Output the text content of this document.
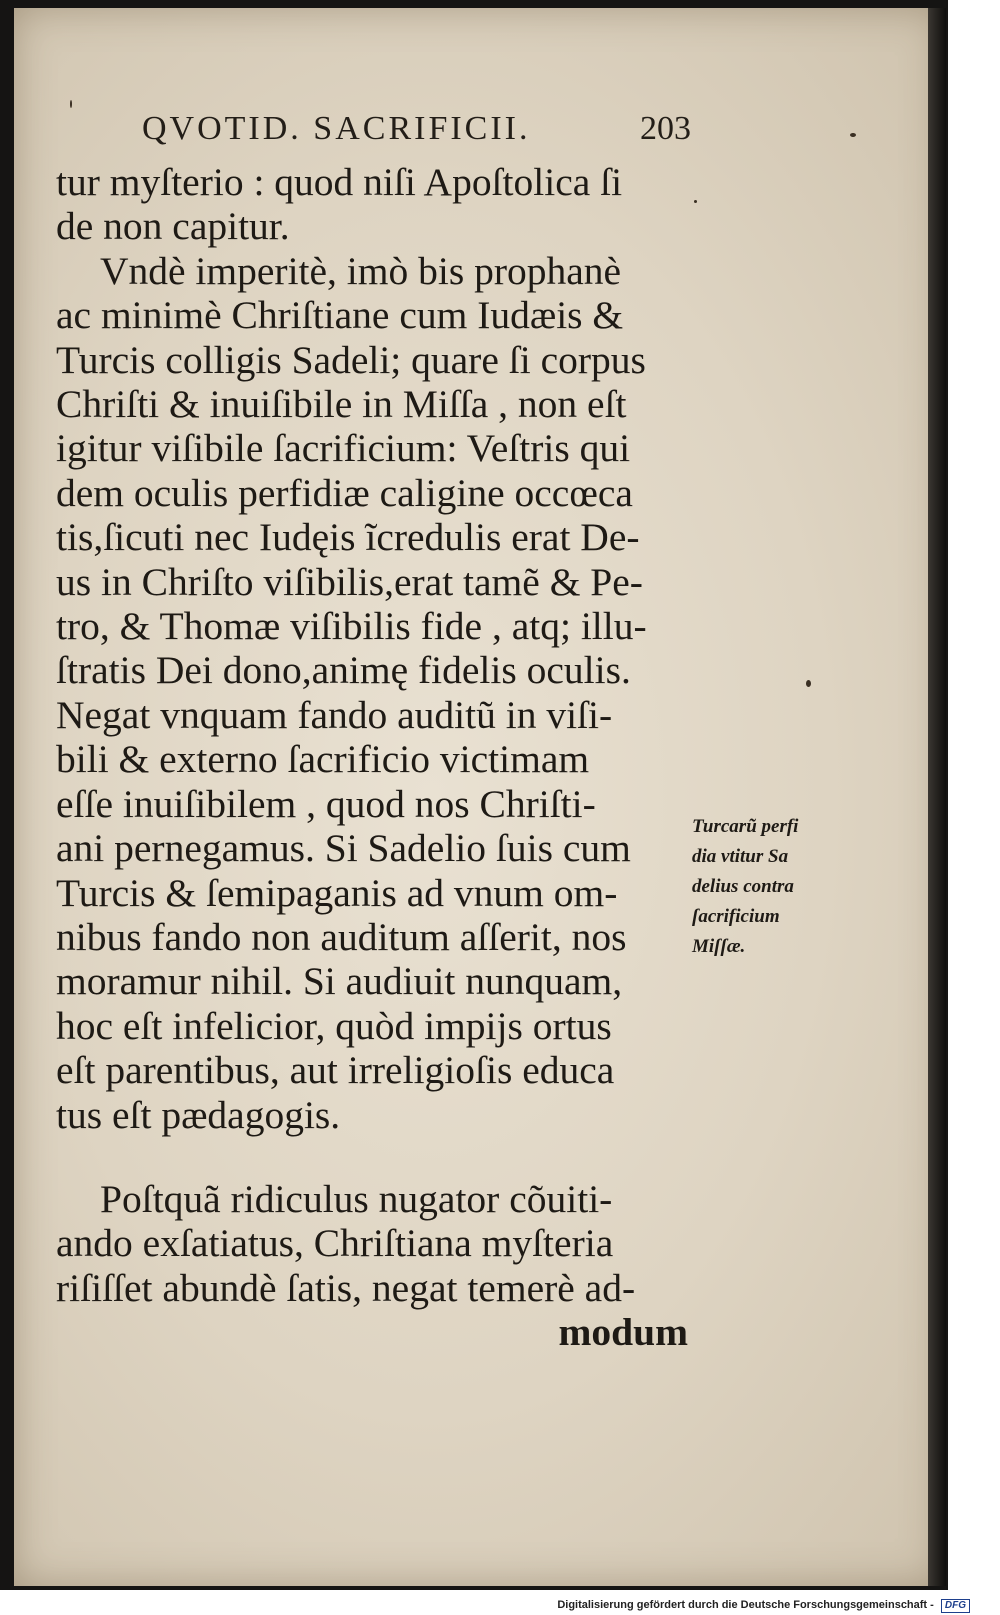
QVOTID. SACRIFICII.	203
tur myſterio : quod niſi Apoſtolica ſi
de non capitur.
Vndè imperitè, imò bis prophanè
ac minimè Chriſtiane cum Iudæis &
Turcis colligis Sadeli; quare ſi corpus
Chriſti & inuiſibile in Miſſa , non eſt
igitur viſibile ſacrificium: Veſtris qui
dem oculis perfidiæ caligine occœca
tis,ſicuti nec Iudęis ĩcredulis erat De-
us in Chriſto viſibilis,erat tamẽ & Pe-
tro, & Thomæ viſibilis fide , atq; illu-
ſtratis Dei dono,animę fidelis oculis.
Negat vnquam fando auditũ in viſi-
bili & externo ſacrificio victimam
eſſe inuiſibilem , quod nos Chriſti-
ani pernegamus. Si Sadelio ſuis cum
Turcis & ſemipaganis ad vnum om-
nibus fando non auditum aſſerit, nos
moramur nihil. Si audiuit nunquam,
hoc eſt infelicior, quòd impijs ortus
eſt parentibus, aut irreligioſis educa
tus eſt pædagogis.
Poſtquã ridiculus nugator cõuiti-
ando exſatiatus, Chriſtiana myſteria
riſiſſet abundè ſatis, negat temerè ad-
modum
Turcarũ perfi
dia vtitur Sa
delius contra
ſacrificium
Miſſæ.
Digitalisierung gefördert durch die Deutsche Forschungsgemeinschaft - DFG
